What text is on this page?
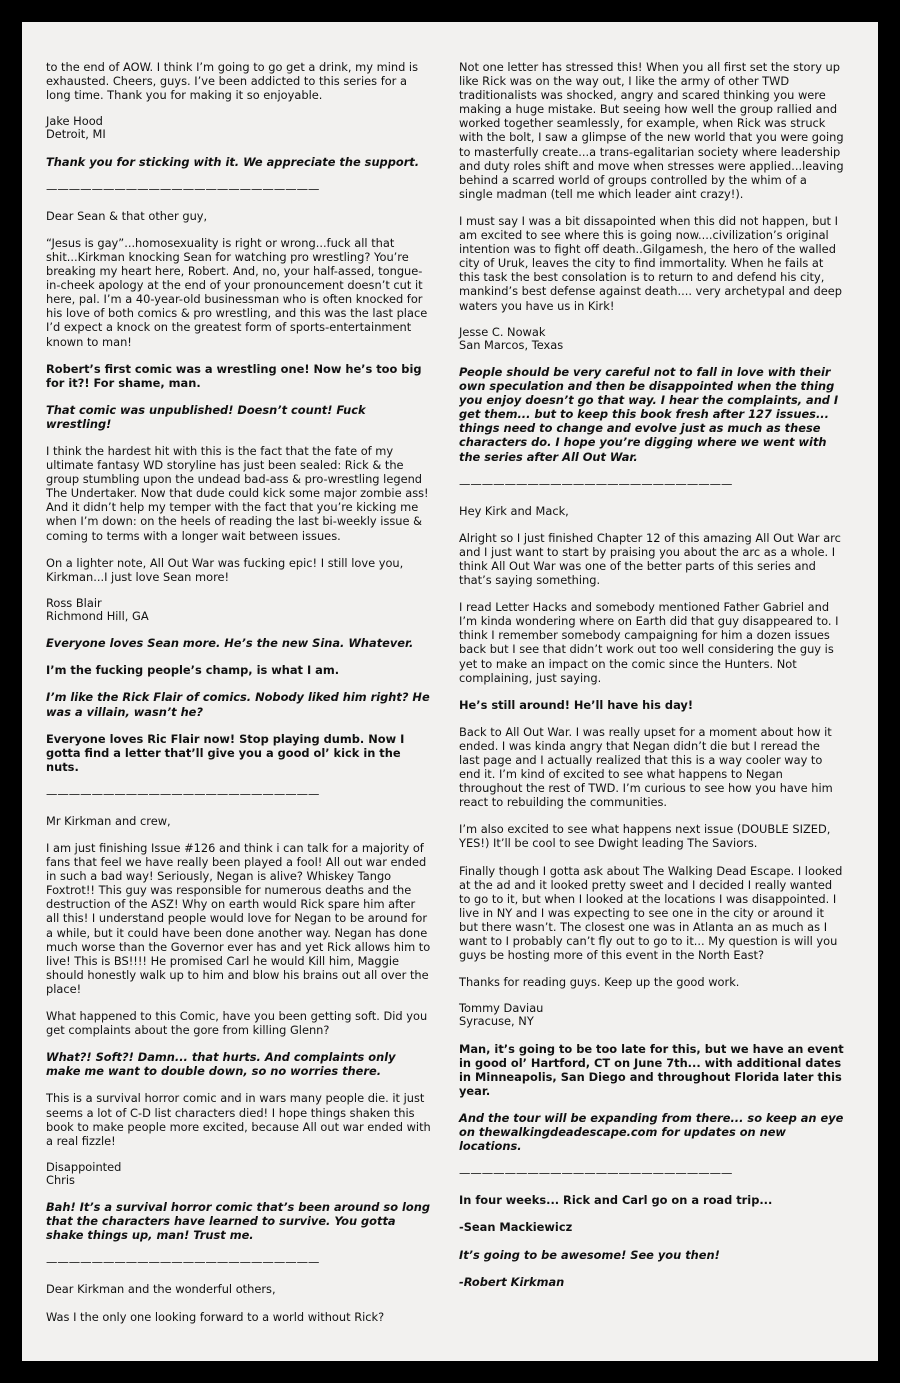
to the end of AOW. I think I’m going to go get a drink, my mind is exhausted. Cheers, guys. I’ve been addicted to this series for a long time. Thank you for making it so enjoyable.

Jake Hood
Detroit, MI

Thank you for sticking with it. We appreciate the support.

————————————————————————

Dear Sean & that other guy,

“Jesus is gay”...homosexuality is right or wrong...fuck all that shit...Kirkman knocking Sean for watching pro wrestling? You’re breaking my heart here, Robert. And, no, your half-assed, tongue-in-cheek apology at the end of your pronouncement doesn’t cut it here, pal. I’m a 40-year-old businessman who is often knocked for his love of both comics & pro wrestling, and this was the last place I’d expect a knock on the greatest form of sports-entertainment known to man!

Robert’s first comic was a wrestling one! Now he’s too big for it?! For shame, man.

That comic was unpublished! Doesn’t count! Fuck wrestling!

I think the hardest hit with this is the fact that the fate of my ultimate fantasy WD storyline has just been sealed: Rick & the group stumbling upon the undead bad-ass & pro-wrestling legend The Undertaker. Now that dude could kick some major zombie ass! And it didn’t help my temper with the fact that you’re kicking me when I’m down: on the heels of reading the last bi-weekly issue & coming to terms with a longer wait between issues.

On a lighter note, All Out War was fucking epic! I still love you, Kirkman...I just love Sean more!

Ross Blair
Richmond Hill, GA

Everyone loves Sean more. He’s the new Sina. Whatever.

I’m the fucking people’s champ, is what I am.

I’m like the Rick Flair of comics. Nobody liked him right? He was a villain, wasn’t he?

Everyone loves Ric Flair now! Stop playing dumb. Now I gotta find a letter that’ll give you a good ol’ kick in the nuts.

————————————————————————

Mr Kirkman and crew,

I am just finishing Issue #126 and think i can talk for a majority of fans that feel we have really been played a fool! All out war ended in such a bad way! Seriously, Negan is alive? Whiskey Tango Foxtrot!! This guy was responsible for numerous deaths and the destruction of the ASZ! Why on earth would Rick spare him after all this! I understand people would love for Negan to be around for a while, but it could have been done another way. Negan has done much worse than the Governor ever has and yet Rick allows him to live! This is BS!!!! He promised Carl he would Kill him, Maggie should honestly walk up to him and blow his brains out all over the place!

What happened to this Comic, have you been getting soft. Did you get complaints about the gore from killing Glenn?

What?! Soft?! Damn... that hurts. And complaints only make me want to double down, so no worries there.

This is a survival horror comic and in wars many people die. it just seems a lot of C-D list characters died! I hope things shaken this book to make people more excited, because All out war ended with a real fizzle!

Disappointed
Chris

Bah! It’s a survival horror comic that’s been around so long that the characters have learned to survive. You gotta shake things up, man! Trust me.

————————————————————————

Dear Kirkman and the wonderful others,

Was I the only one looking forward to a world without Rick?

Not one letter has stressed this! When you all first set the story up like Rick was on the way out, I like the army of other TWD traditionalists was shocked, angry and scared thinking you were making a huge mistake. But seeing how well the group rallied and worked together seamlessly, for example, when Rick was struck with the bolt, I saw a glimpse of the new world that you were going to masterfully create...a trans-egalitarian society where leadership and duty roles shift and move when stresses were applied...leaving behind a scarred world of groups controlled by the whim of a single madman (tell me which leader aint crazy!).

I must say I was a bit dissapointed when this did not happen, but I am excited to see where this is going now....civilization’s original intention was to fight off death..Gilgamesh, the hero of the walled city of Uruk, leaves the city to find immortality. When he fails at this task the best consolation is to return to and defend his city, mankind’s best defense against death.... very archetypal and deep waters you have us in Kirk!

Jesse C. Nowak
San Marcos, Texas

People should be very careful not to fall in love with their own speculation and then be disappointed when the thing you enjoy doesn’t go that way. I hear the complaints, and I get them... but to keep this book fresh after 127 issues... things need to change and evolve just as much as these characters do. I hope you’re digging where we went with the series after All Out War.

————————————————————————

Hey Kirk and Mack,

Alright so I just finished Chapter 12 of this amazing All Out War arc and I just want to start by praising you about the arc as a whole. I think All Out War was one of the better parts of this series and that’s saying something.

I read Letter Hacks and somebody mentioned Father Gabriel and I’m kinda wondering where on Earth did that guy disappeared to. I think I remember somebody campaigning for him a dozen issues back but I see that didn’t work out too well considering the guy is yet to make an impact on the comic since the Hunters. Not complaining, just saying.

He’s still around! He’ll have his day!

Back to All Out War. I was really upset for a moment about how it ended. I was kinda angry that Negan didn’t die but I reread the last page and I actually realized that this is a way cooler way to end it. I’m kind of excited to see what happens to Negan throughout the rest of TWD. I’m curious to see how you have him react to rebuilding the communities.

I’m also excited to see what happens next issue (DOUBLE SIZED, YES!) It’ll be cool to see Dwight leading The Saviors.

Finally though I gotta ask about The Walking Dead Escape. I looked at the ad and it looked pretty sweet and I decided I really wanted to go to it, but when I looked at the locations I was disappointed. I live in NY and I was expecting to see one in the city or around it but there wasn’t. The closest one was in Atlanta an as much as I want to I probably can’t fly out to go to it... My question is will you guys be hosting more of this event in the North East?

Thanks for reading guys. Keep up the good work.

Tommy Daviau
Syracuse, NY

Man, it’s going to be too late for this, but we have an event in good ol’ Hartford, CT on June 7th... with additional dates in Minneapolis, San Diego and throughout Florida later this year.

And the tour will be expanding from there... so keep an eye on thewalkingdeadescape.com for updates on new locations.

————————————————————————

In four weeks... Rick and Carl go on a road trip...

-Sean Mackiewicz

It’s going to be awesome! See you then!

-Robert Kirkman
